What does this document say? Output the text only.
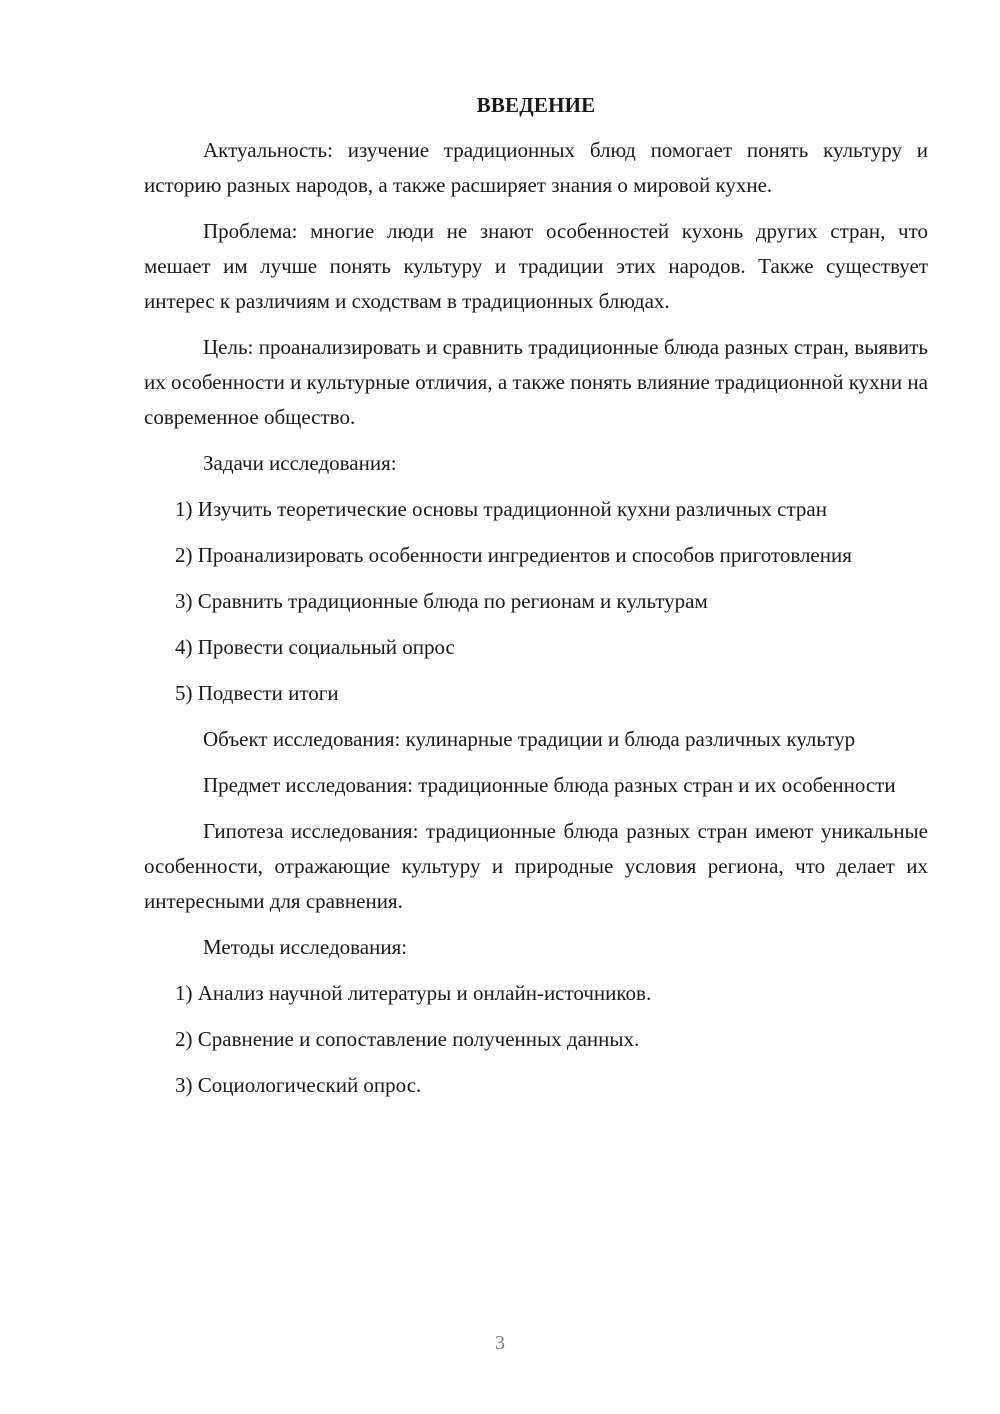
ВВЕДЕНИЕ

Актуальность: изучение традиционных блюд помогает понять культуру и историю разных народов, а также расширяет знания о мировой кухне.

Проблема: многие люди не знают особенностей кухонь других стран, что мешает им лучше понять культуру и традиции этих народов. Также существует интерес к различиям и сходствам в традиционных блюдах.

Цель: проанализировать и сравнить традиционные блюда разных стран, выявить их особенности и культурные отличия, а также понять влияние традиционной кухни на современное общество.

Задачи исследования:

1) Изучить теоретические основы традиционной кухни различных стран

2) Проанализировать особенности ингредиентов и способов приготовления

3) Сравнить традиционные блюда по регионам и культурам

4) Провести социальный опрос

5) Подвести итоги

Объект исследования: кулинарные традиции и блюда различных культур

Предмет исследования: традиционные блюда разных стран и их особенности

Гипотеза исследования: традиционные блюда разных стран имеют уникальные особенности, отражающие культуру и природные условия региона, что делает их интересными для сравнения.

Методы исследования:

1) Анализ научной литературы и онлайн-источников.

2) Сравнение и сопоставление полученных данных.

3) Социологический опрос.

3
